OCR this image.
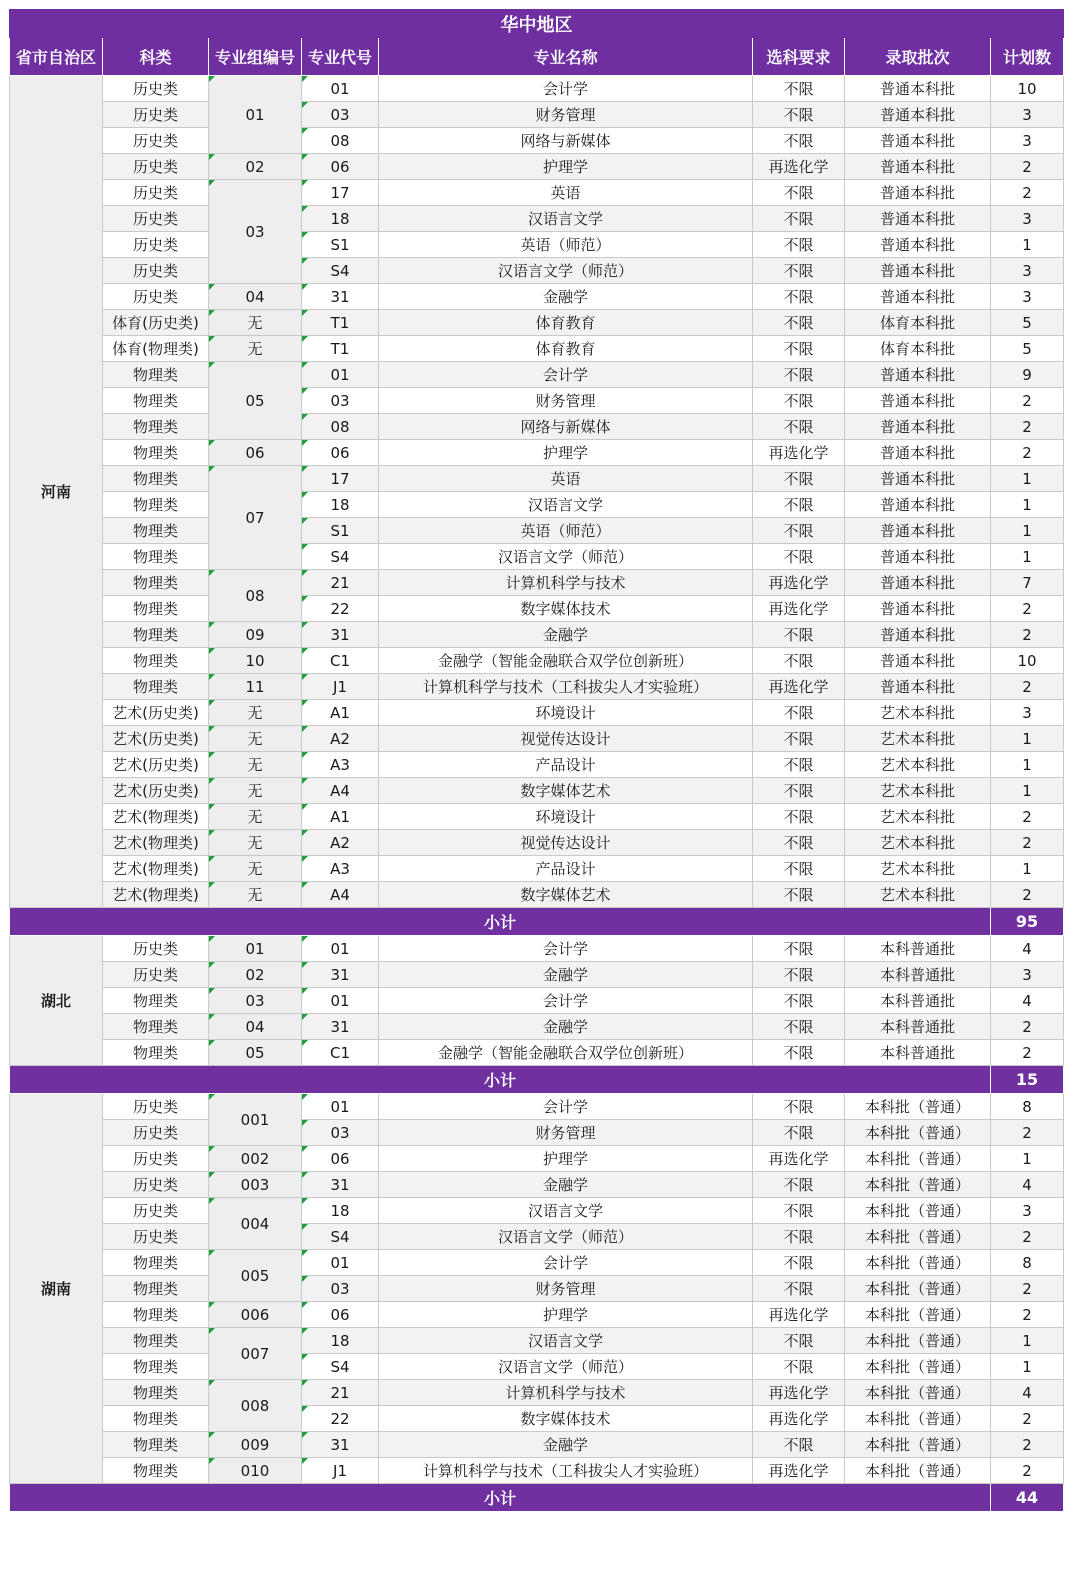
华中地区							
省市自治区	科类	专业组编号	专业代号	专业名称	选科要求	录取批次	计划数
河南	历史类	01	01	会计学	不限	普通本科批	10
	历史类		03	财务管理	不限	普通本科批	3
	历史类		08	网络与新媒体	不限	普通本科批	3
	历史类	02	06	护理学	再选化学	普通本科批	2
	历史类	03	17	英语	不限	普通本科批	2
	历史类		18	汉语言文学	不限	普通本科批	3
	历史类		S1	英语（师范）	不限	普通本科批	1
	历史类		S4	汉语言文学（师范）	不限	普通本科批	3
	历史类	04	31	金融学	不限	普通本科批	3
	体育(历史类)	无	T1	体育教育	不限	体育本科批	5
	体育(物理类)	无	T1	体育教育	不限	体育本科批	5
	物理类	05	01	会计学	不限	普通本科批	9
	物理类		03	财务管理	不限	普通本科批	2
	物理类		08	网络与新媒体	不限	普通本科批	2
	物理类	06	06	护理学	再选化学	普通本科批	2
	物理类	07	17	英语	不限	普通本科批	1
	物理类		18	汉语言文学	不限	普通本科批	1
	物理类		S1	英语（师范）	不限	普通本科批	1
	物理类		S4	汉语言文学（师范）	不限	普通本科批	1
	物理类	08	21	计算机科学与技术	再选化学	普通本科批	7
	物理类		22	数字媒体技术	再选化学	普通本科批	2
	物理类	09	31	金融学	不限	普通本科批	2
	物理类	10	C1	金融学（智能金融联合双学位创新班）	不限	普通本科批	10
	物理类	11	J1	计算机科学与技术（工科拔尖人才实验班）	再选化学	普通本科批	2
	艺术(历史类)	无	A1	环境设计	不限	艺术本科批	3
	艺术(历史类)	无	A2	视觉传达设计	不限	艺术本科批	1
	艺术(历史类)	无	A3	产品设计	不限	艺术本科批	1
	艺术(历史类)	无	A4	数字媒体艺术	不限	艺术本科批	1
	艺术(物理类)	无	A1	环境设计	不限	艺术本科批	2
	艺术(物理类)	无	A2	视觉传达设计	不限	艺术本科批	2
	艺术(物理类)	无	A3	产品设计	不限	艺术本科批	1
	艺术(物理类)	无	A4	数字媒体艺术	不限	艺术本科批	2
小计							95
湖北	历史类	01	01	会计学	不限	本科普通批	4
	历史类	02	31	金融学	不限	本科普通批	3
	物理类	03	01	会计学	不限	本科普通批	4
	物理类	04	31	金融学	不限	本科普通批	2
	物理类	05	C1	金融学（智能金融联合双学位创新班）	不限	本科普通批	2
小计							15
湖南	历史类	001	01	会计学	不限	本科批（普通）	8
	历史类		03	财务管理	不限	本科批（普通）	2
	历史类	002	06	护理学	再选化学	本科批（普通）	1
	历史类	003	31	金融学	不限	本科批（普通）	4
	历史类	004	18	汉语言文学	不限	本科批（普通）	3
	历史类		S4	汉语言文学（师范）	不限	本科批（普通）	2
	物理类	005	01	会计学	不限	本科批（普通）	8
	物理类		03	财务管理	不限	本科批（普通）	2
	物理类	006	06	护理学	再选化学	本科批（普通）	2
	物理类	007	18	汉语言文学	不限	本科批（普通）	1
	物理类		S4	汉语言文学（师范）	不限	本科批（普通）	1
	物理类	008	21	计算机科学与技术	再选化学	本科批（普通）	4
	物理类		22	数字媒体技术	再选化学	本科批（普通）	2
	物理类	009	31	金融学	不限	本科批（普通）	2
	物理类	010	J1	计算机科学与技术（工科拔尖人才实验班）	再选化学	本科批（普通）	2
小计							44
